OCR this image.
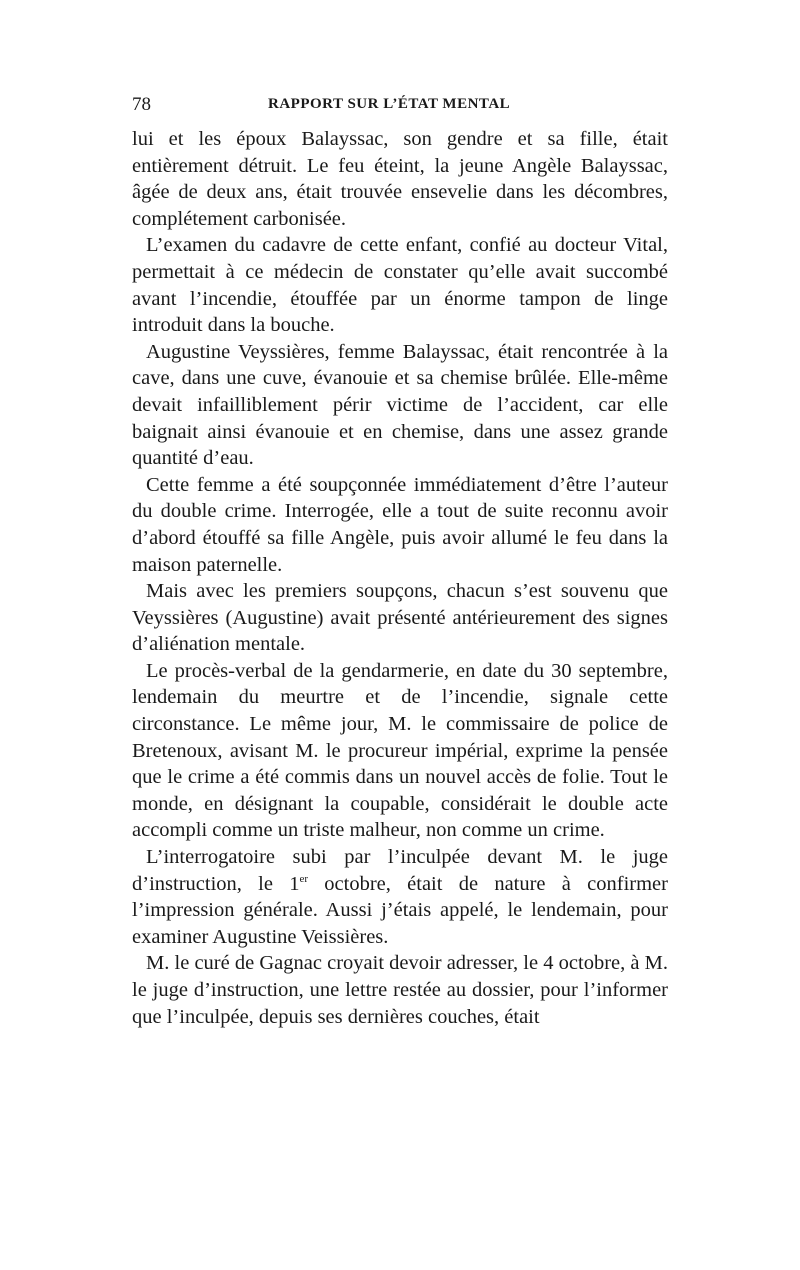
78	RAPPORT SUR L’ÉTAT MENTAL

lui et les époux Balayssac, son gendre et sa fille, était entièrement détruit. Le feu éteint, la jeune Angèle Balayssac, âgée de deux ans, était trouvée ensevelie dans les décombres, complétement carbonisée.

L’examen du cadavre de cette enfant, confié au docteur Vital, permettait à ce médecin de constater qu’elle avait succombé avant l’incendie, étouffée par un énorme tampon de linge introduit dans la bouche.

Augustine Veyssières, femme Balayssac, était rencontrée à la cave, dans une cuve, évanouie et sa chemise brûlée. Elle-même devait infailliblement périr victime de l’accident, car elle baignait ainsi évanouie et en chemise, dans une assez grande quantité d’eau.

Cette femme a été soupçonnée immédiatement d’être l’auteur du double crime. Interrogée, elle a tout de suite reconnu avoir d’abord étouffé sa fille Angèle, puis avoir allumé le feu dans la maison paternelle.

Mais avec les premiers soupçons, chacun s’est souvenu que Veyssières (Augustine) avait présenté antérieurement des signes d’aliénation mentale.

Le procès-verbal de la gendarmerie, en date du 30 septembre, lendemain du meurtre et de l’incendie, signale cette circonstance. Le même jour, M. le commissaire de police de Bretenoux, avisant M. le procureur impérial, exprime la pensée que le crime a été commis dans un nouvel accès de folie. Tout le monde, en désignant la coupable, considérait le double acte accompli comme un triste malheur, non comme un crime.

L’interrogatoire subi par l’inculpée devant M. le juge d’instruction, le 1er octobre, était de nature à confirmer l’impression générale. Aussi j’étais appelé, le lendemain, pour examiner Augustine Veissières.

M. le curé de Gagnac croyait devoir adresser, le 4 octobre, à M. le juge d’instruction, une lettre restée au dossier, pour l’informer que l’inculpée, depuis ses dernières couches, était
